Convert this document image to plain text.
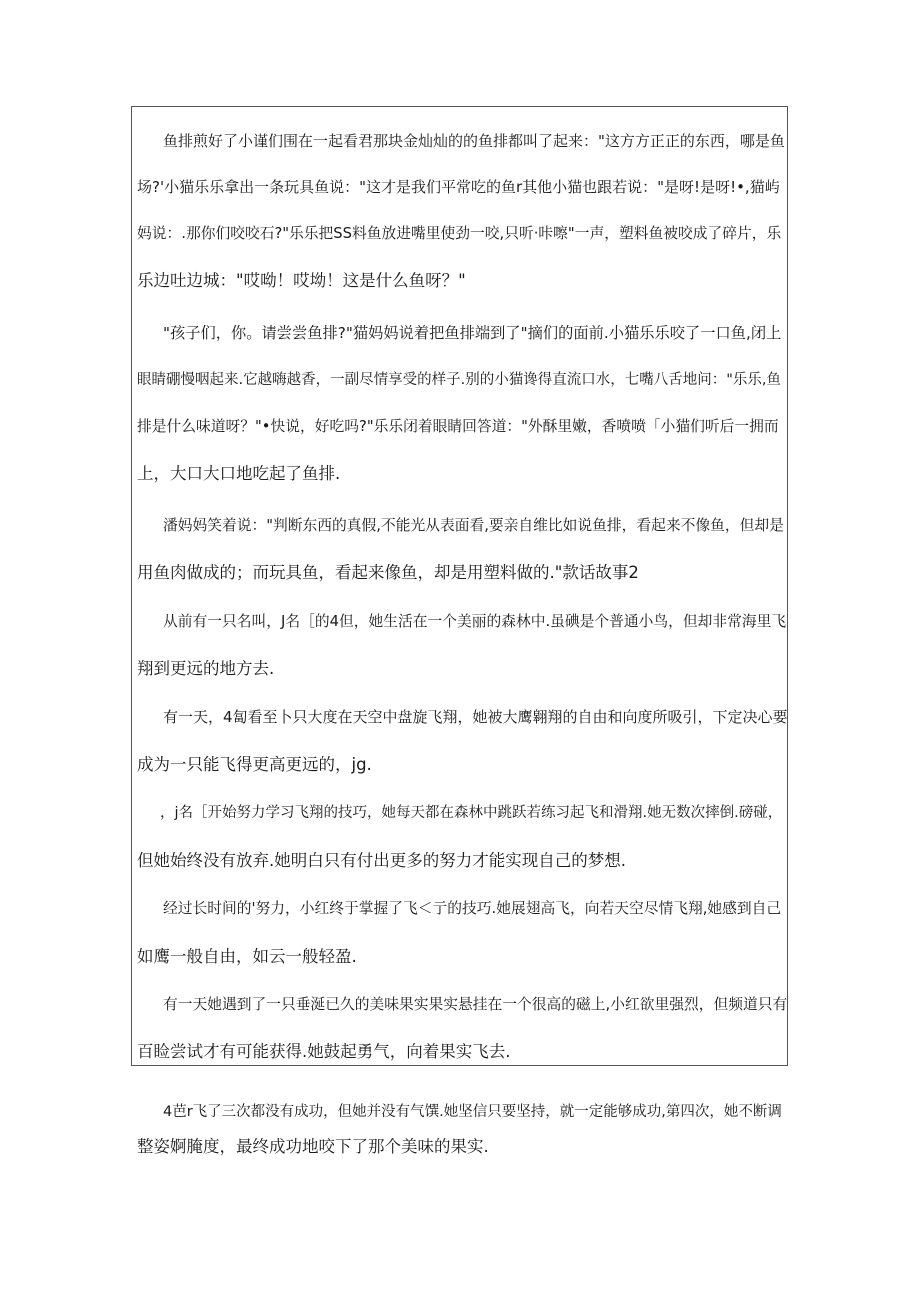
鱼排煎好了小谨们围在一起看君那块金灿灿的的鱼排都叫了起来："这方方正正的东西，哪是鱼

场?'小猫乐乐拿出一条玩具鱼说："这才是我们平常吃的鱼r其他小猫也跟若说："是呀!是呀!•,猫屿

妈说：.那你们咬咬石?"乐乐把SS料鱼放进嘴里使劲一咬,只听·咔嚓"一声，塑料鱼被咬成了碎片，乐

乐边吐边城："哎呦！哎坳！这是什么鱼呀？"

"孩子们，你。请尝尝鱼排?"猫妈妈说着把鱼排端到了"摘们的面前.小猫乐乐咬了一口鱼,闭上

眼睛硼慢咽起来.它越嗨越香，一副尽情享受的样子.别的小猫谗得直流口水，七嘴八舌地问："乐乐,鱼

排是什么味道呀？"•快说，好吃吗?"乐乐闭着眼睛回答道："外酥里嫩，香喷喷「小猫们听后一拥而

上，大口大口地吃起了鱼排.

潘妈妈笑着说："判断东西的真假,不能光从表面看,要亲自维比如说鱼排，看起来不像鱼，但却是

用鱼肉做成的；而玩具鱼，看起来像鱼，却是用塑料做的."款话故事2

从前有一只名叫，J名［的4但，她生活在一个美丽的森林中.虽碘是个普通小鸟，但却非常海里飞

翔到更远的地方去.

有一天，4匐看至卜只大度在天空中盘旋飞翔，她被大鹰翱翔的自由和向度所吸引，下定决心要

成为一只能飞得更高更远的，jg.

，j名［开始努力学习飞翔的技巧，她每天都在森林中跳跃若练习起飞和滑翔.她无数次摔倒.磅碰，

但她始终没有放弃.她明白只有付出更多的努力才能实现自己的梦想.

经过长时间的'努力，小红终于掌握了飞＜亍的技巧.她展翅高飞，向若天空尽情飞翔,她感到自己

如鹰一般自由，如云一般轻盈.

有一天她遇到了一只垂涎已久的美味果实果实悬挂在一个很高的磁上,小红欲里强烈，但频道只有

百睑尝试才有可能获得.她鼓起勇气，向着果实飞去.

4芭r飞了三次都没有成功，但她并没有气馔.她坚信只要坚持，就一定能够成功,第四次，她不断调

整姿婀腌度，最终成功地咬下了那个美味的果实.
